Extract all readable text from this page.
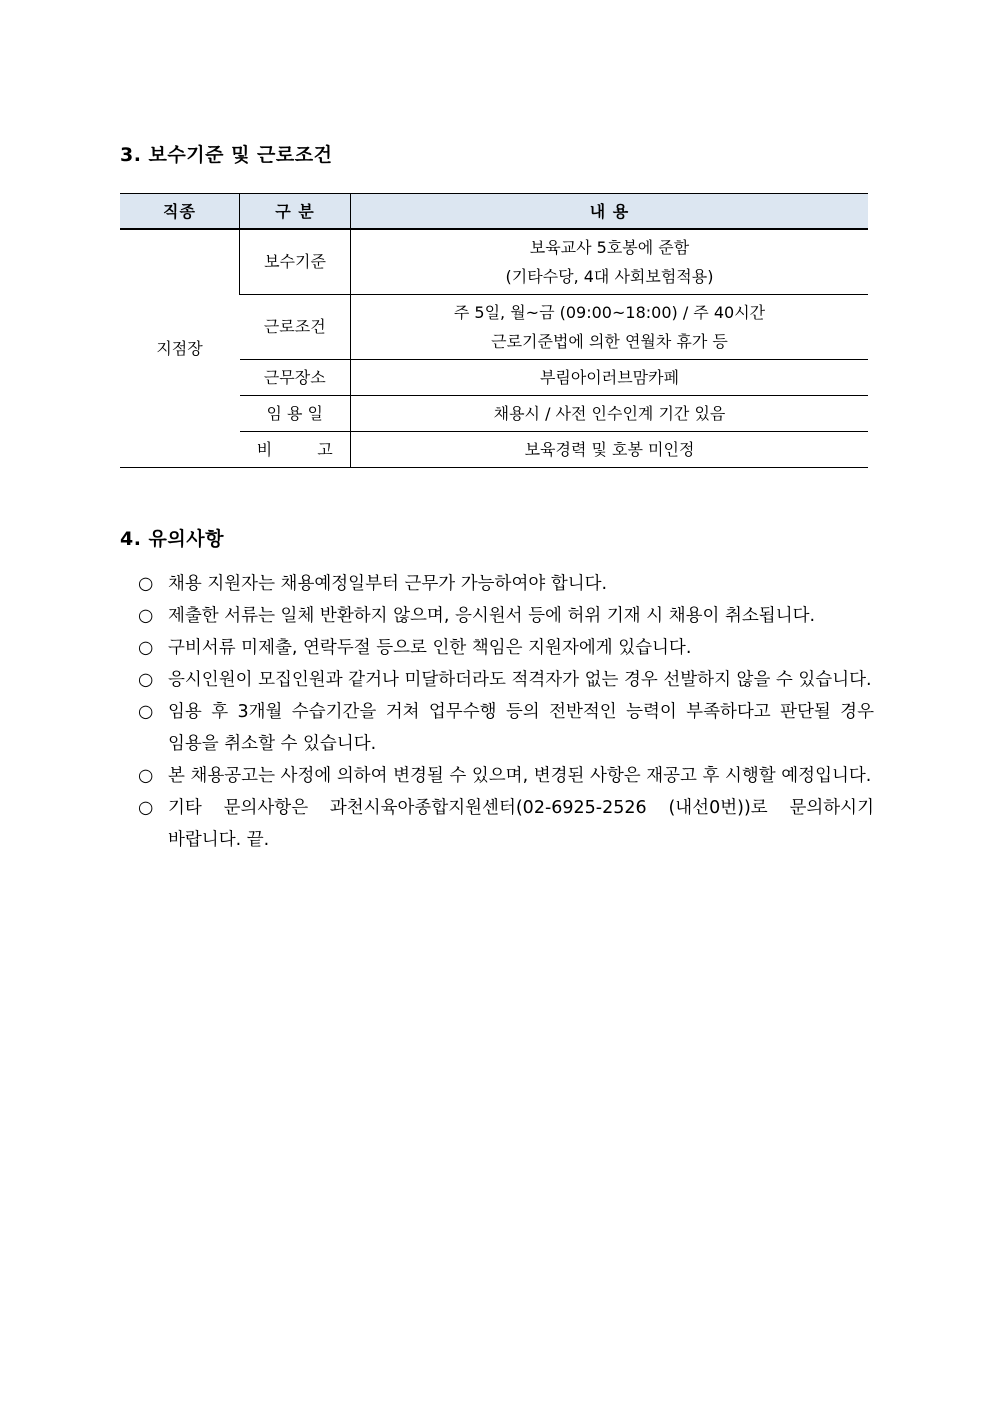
3. 보수기준 및 근로조건
직종	구 분	내 용
지점장	보수기준	보육교사 5호봉에 준함
(기타수당, 4대 사회보험적용)

	근로조건	주 5일, 월~금 (09:00~18:00) / 주 40시간
근로기준법에 의한 연월차 휴가 등

	근무장소	부림아이러브맘카페
	임 용 일	채용시 / 사전 인수인계 기간 있음
	비 고	보육경력 및 호봉 미인정
4. 유의사항
○ 채용 지원자는 채용예정일부터 근무가 가능하여야 합니다.
○ 제출한 서류는 일체 반환하지 않으며, 응시원서 등에 허위 기재 시 채용이 취소됩니다.
○ 구비서류 미제출, 연락두절 등으로 인한 책임은 지원자에게 있습니다.
○ 응시인원이 모집인원과 같거나 미달하더라도 적격자가 없는 경우 선발하지 않을 수 있습니다.
○ 임용 후 3개월 수습기간을 거쳐 업무수행 등의 전반적인 능력이 부족하다고 판단될 경우 임용을 취소할 수 있습니다.
○ 본 채용공고는 사정에 의하여 변경될 수 있으며, 변경된 사항은 재공고 후 시행할 예정입니다.
○ 기타 문의사항은 과천시육아종합지원센터(02-6925-2526 (내선0번))로 문의하시기 바랍니다. 끝.
